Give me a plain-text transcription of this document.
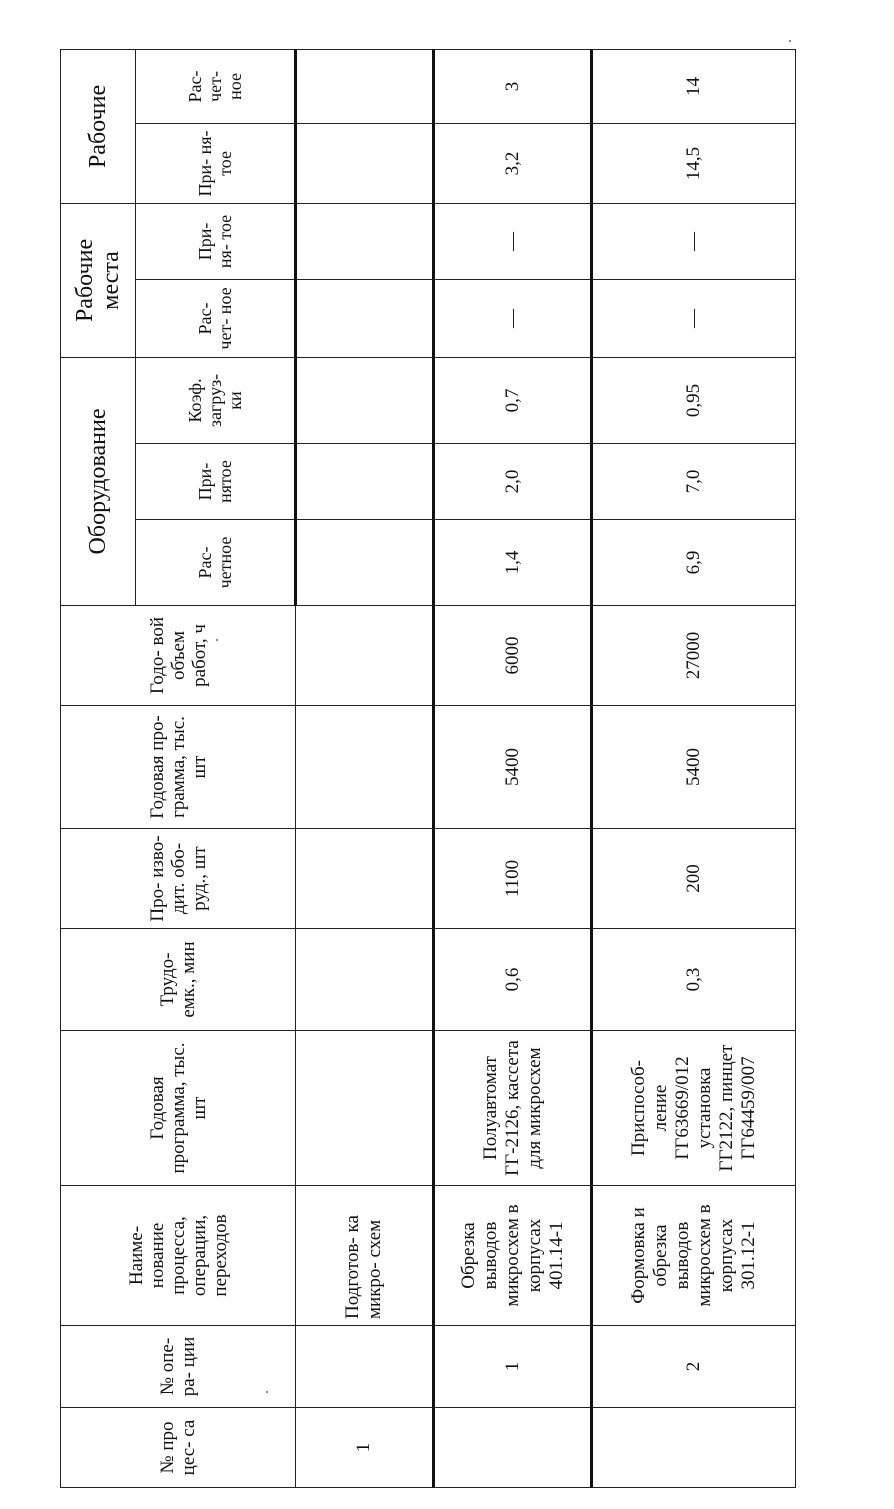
№ про цес- са	№ опе- ра- ции	Наиме- нование процесса, операции, переходов	Годовая программа, тыс. шт	Трудо- емк., мин	Про- изво- дит. обо- руд., шт	Годовая про- грамма, тыс. шт	Годо- вой объем работ, ч	Оборудование			Рабочие места		Рабочие	
								Рас- четное	При- нятое	Коэф. загруз- ки	Рас- чет- ное	При- ня- тое	При- ня- тое	Рас- чет- ное
1		Подготов- ка микро- схем												
	1	Обрезка выводов микросхем в корпусах 401.14-1	Полуавтомат ГГ-2126, кассета для микросхем	0,6	1100	5400	6000	1,4	2,0	0,7	—	—	3,2	3
	2	Формовка и обрезка выводов микросхем в корпусах 301.12-1	Приспособ- ление ГГ63669/012 установка ГГ2122, пинцет ГГ64459/007	0,3	200	5400	27000	6,9	7,0	0,95	—	—	14,5	14
